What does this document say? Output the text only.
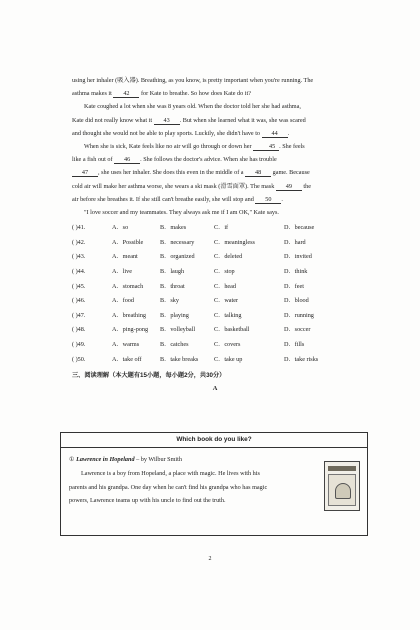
using her inhaler (吸入器). Breathing, as you know, is pretty important when you're running. The

asthma makes it 42 for Kate to breathe. So how does Kate do it?

Kate coughed a lot when she was 8 years old. When the doctor told her she had asthma,

Kate did not really know what it 43 . But when she learned what it was, she was scared

and thought she would not be able to play sports. Luckily, she didn't have to 44 .

When she is sick, Kate feels like no air will go through or down her	45 . She feels

like a fish out of 46 . She follows the doctor's advice. When she has trouble

47 , she uses her inhaler. She does this even in the middle of a 48 game. Because

cold air will make her asthma worse, she wears a ski mask (滑雪面罩). The mask 49 the

air before she breathes it. If she still can't breathe easily, she will stop and 50 .

"I love soccer and my teammates. They always ask me if I am OK," Kate says.

( )41.	A．so	B．makes	C．if	D．because
( )42.	A．Possible	B．necessary	C．meaningless	D．hard
( )43.	A．meant	B．organized	C．deleted	D．invited
( )44.	A．live	B．laugh	C．stop	D．think
( )45.	A．stomach	B．throat	C．head	D．feet
( )46.	A．food	B．sky	C．water	D．blood
( )47.	A．breathing B．playing	C．talking	D．running
( )48.	A．ping-pong B．volleyball	C．basketball	D．soccer
( )49.	A．warms	B．catches	C．covers	D．fills
( )50.	A．take off	B．take breaks	C．take up	D．take risks
三、阅读理解（本大题有15小题，每小题2分，共30分）
A
Which book do you like?
① Lawrence in Hopeland – by Wilbur Smith
Lawrence is a boy from Hopeland, a place with magic. He lives with his
parents and his grandpa. One day when he can't find his grandpa who has magic
powers, Lawrence teams up with his uncle to find out the truth.
2
